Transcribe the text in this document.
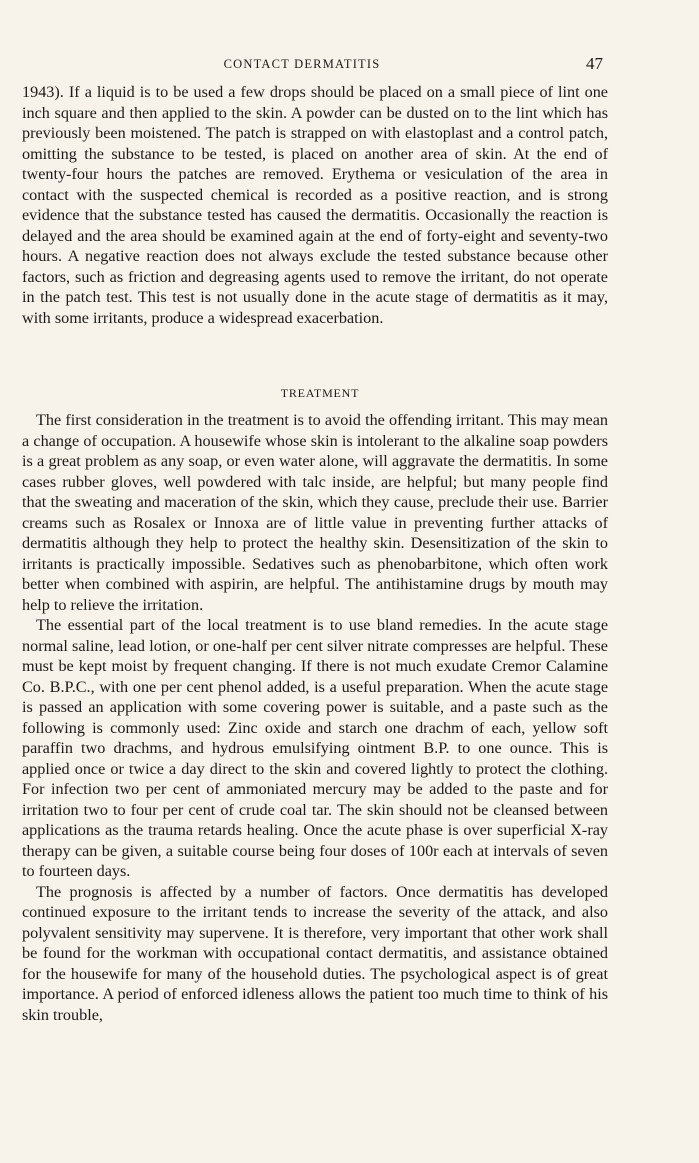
CONTACT DERMATITIS	47

1943). If a liquid is to be used a few drops should be placed on a small piece of lint one inch square and then applied to the skin. A powder can be dusted on to the lint which has previously been moistened. The patch is strapped on with elastoplast and a control patch, omitting the substance to be tested, is placed on another area of skin. At the end of twenty-four hours the patches are removed. Erythema or vesiculation of the area in contact with the suspected chemical is recorded as a positive reaction, and is strong evidence that the substance tested has caused the dermatitis. Occasionally the reaction is delayed and the area should be examined again at the end of forty-eight and seventy-two hours. A negative reaction does not always exclude the tested substance because other factors, such as friction and degreasing agents used to remove the irritant, do not operate in the patch test. This test is not usually done in the acute stage of dermatitis as it may, with some irritants, produce a widespread exacerbation.

TREATMENT

The first consideration in the treatment is to avoid the offending irritant. This may mean a change of occupation. A housewife whose skin is intolerant to the alkaline soap powders is a great problem as any soap, or even water alone, will aggravate the dermatitis. In some cases rubber gloves, well powdered with talc inside, are helpful; but many people find that the sweating and maceration of the skin, which they cause, preclude their use. Barrier creams such as Rosalex or Innoxa are of little value in preventing further attacks of dermatitis although they help to protect the healthy skin. Desensitization of the skin to irritants is practically impossible. Sedatives such as phenobarbitone, which often work better when combined with aspirin, are helpful. The antihistamine drugs by mouth may help to relieve the irritation.

The essential part of the local treatment is to use bland remedies. In the acute stage normal saline, lead lotion, or one-half per cent silver nitrate compresses are helpful. These must be kept moist by frequent changing. If there is not much exudate Cremor Calamine Co. B.P.C., with one per cent phenol added, is a useful preparation. When the acute stage is passed an application with some covering power is suitable, and a paste such as the following is commonly used: Zinc oxide and starch one drachm of each, yellow soft paraffin two drachms, and hydrous emulsifying ointment B.P. to one ounce. This is applied once or twice a day direct to the skin and covered lightly to protect the clothing. For infection two per cent of ammoniated mercury may be added to the paste and for irritation two to four per cent of crude coal tar. The skin should not be cleansed between applications as the trauma retards healing. Once the acute phase is over superficial X-ray therapy can be given, a suitable course being four doses of 100r each at intervals of seven to fourteen days.

The prognosis is affected by a number of factors. Once dermatitis has developed continued exposure to the irritant tends to increase the severity of the attack, and also polyvalent sensitivity may supervene. It is therefore, very important that other work shall be found for the workman with occupational contact dermatitis, and assistance obtained for the housewife for many of the household duties. The psychological aspect is of great importance. A period of enforced idleness allows the patient too much time to think of his skin trouble,
